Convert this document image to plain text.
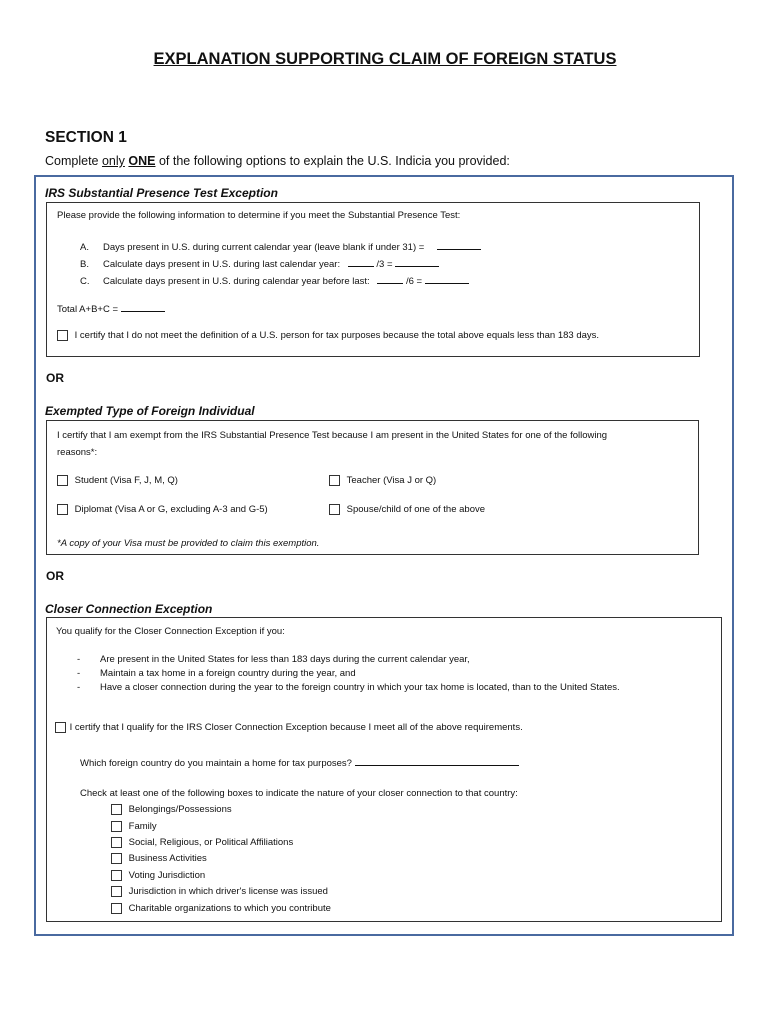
EXPLANATION SUPPORTING CLAIM OF FOREIGN STATUS
SECTION 1
Complete only ONE of the following options to explain the U.S. Indicia you provided:
IRS Substantial Presence Test Exception
Please provide the following information to determine if you meet the Substantial Presence Test:
A. Days present in U.S. during current calendar year (leave blank if under 31) =
B. Calculate days present in U.S. during last calendar year:	/3 =
C. Calculate days present in U.S. during calendar year before last:	/6 =
Total A+B+C =
I certify that I do not meet the definition of a U.S. person for tax purposes because the total above equals less than 183 days.
OR
Exempted Type of Foreign Individual
I certify that I am exempt from the IRS Substantial Presence Test because I am present in the United States for one of the following
reasons*:
Student (Visa F, J, M, Q)	Teacher (Visa J or Q)
Diplomat (Visa A or G, excluding A-3 and G-5)	Spouse/child of one of the above
*A copy of your Visa must be provided to claim this exemption.
OR
Closer Connection Exception
You qualify for the Closer Connection Exception if you:
- Are present in the United States for less than 183 days during the current calendar year,
- Maintain a tax home in a foreign country during the year, and
- Have a closer connection during the year to the foreign country in which your tax home is located, than to the United States.
I certify that I qualify for the IRS Closer Connection Exception because I meet all of the above requirements.
Which foreign country do you maintain a home for tax purposes?
Check at least one of the following boxes to indicate the nature of your closer connection to that country:
Belongings/Possessions
Family
Social, Religious, or Political Affiliations
Business Activities
Voting Jurisdiction
Jurisdiction in which driver's license was issued
Charitable organizations to which you contribute
